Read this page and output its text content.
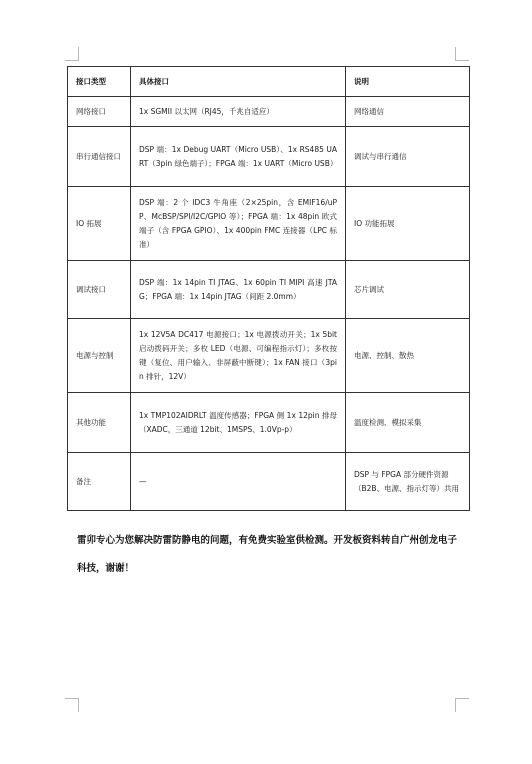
接口类型	具体接口	说明
网络接口	1x SGMII 以太网（RJ45，千兆自适应）	网络通信
串行通信接口	DSP 端：1x Debug UART（Micro USB）、1x RS485 UART（3pin 绿色端子）；FPGA 端：1x UART（Micro USB）	调试与串行通信
IO 拓展	DSP 端：2 个 IDC3 牛角座（2×25pin，含 EMIF16/uPP、McBSP/SPI/I2C/GPIO 等）；FPGA 端：1x 48pin 欧式端子（含 FPGA GPIO）、1x 400pin FMC 连接器（LPC 标准）	IO 功能拓展
调试接口	DSP 端：1x 14pin TI JTAG、1x 60pin TI MIPI 高速 JTAG；FPGA 端：1x 14pin JTAG（间距 2.0mm）	芯片调试
电源与控制	1x 12V5A DC417 电源接口；1x 电源拨动开关；1x 5bit 启动拨码开关；多枚 LED（电源、可编程指示灯）；多枚按键（复位、用户输入、非屏蔽中断键）；1x FAN 接口（3pin 排针，12V）	电源、控制、散热
其他功能	1x TMP102AIDRLT 温度传感器；FPGA 侧 1x 12pin 排母（XADC，三通道 12bit、1MSPS、1.0Vp-p）	温度检测、模拟采集
备注	—	DSP 与 FPGA 部分硬件资源（B2B、电源、指示灯等）共用
雷卯专心为您解决防雷防静电的问题，有免费实验室供检测。开发板资料转自广州创龙电子科技，谢谢！
